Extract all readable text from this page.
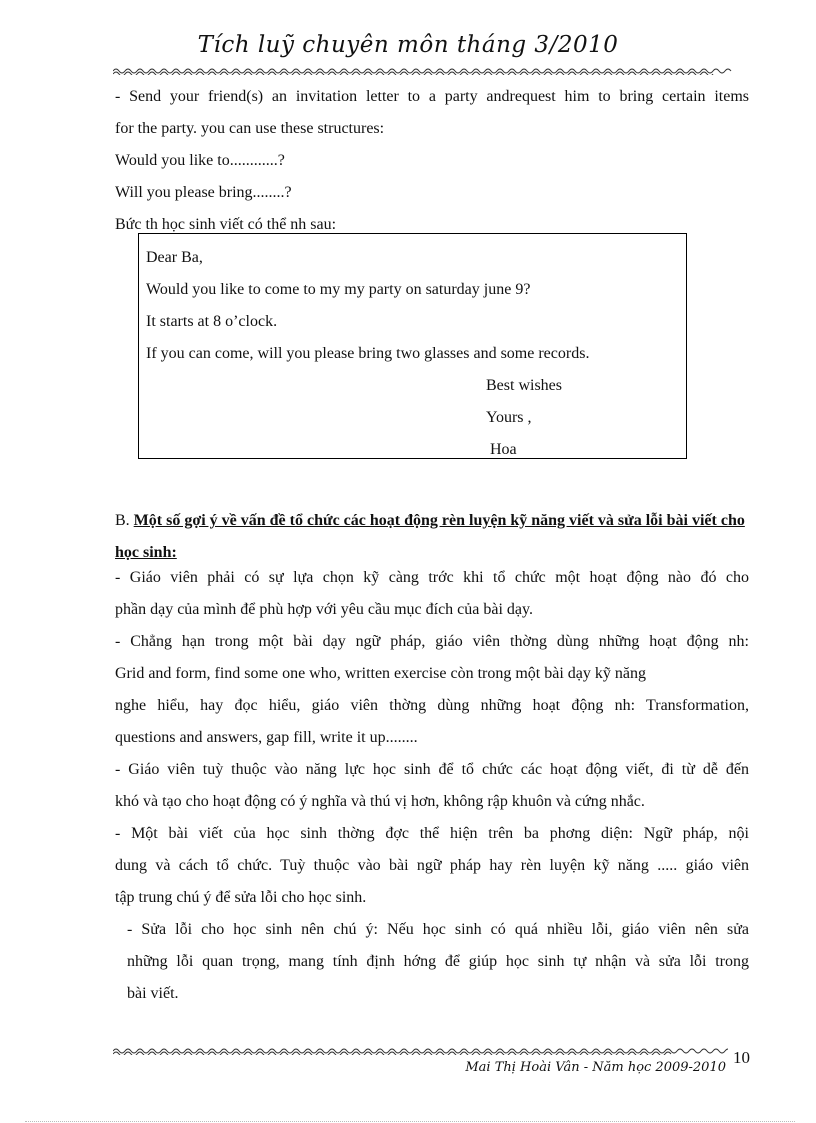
Tích luỹ chuyên môn tháng 3/2010
- Send your friend(s) an invitation letter to a party andrequest him to bring certain items
for the party. you can use these structures:
Would you like to............?
Will you please bring........?
Bức th học sinh viết có thể nh sau:
Dear Ba,
Would you like to come to my my party on saturday june 9?
It starts at 8 o’clock.
If you can come, will you please bring two glasses and some records.
Best wishes
Yours ,
Hoa
B. Một số gợi ý về vấn đề tổ chức các hoạt động rèn luyện kỹ năng viết và sửa lỗi bài viết cho học sinh:
- Giáo viên phải có sự lựa chọn kỹ càng trớc khi tổ chức một hoạt động nào đó cho
phần dạy của mình để phù hợp với yêu cầu mục đích của bài dạy.
- Chẳng hạn trong một bài dạy ngữ pháp, giáo viên thờng dùng những hoạt động nh:
Grid and form, find some one who, written exercise còn trong một bài dạy kỹ năng
nghe hiểu, hay đọc hiểu, giáo viên thờng dùng những hoạt động nh: Transformation,
questions and answers, gap fill, write it up........
- Giáo viên tuỳ thuộc vào năng lực học sinh để tổ chức các hoạt động viết, đi từ dễ đến
khó và tạo cho hoạt động có ý nghĩa và thú vị hơn, không rập khuôn và cứng nhắc.
- Một bài viết của học sinh thờng đợc thể hiện trên ba phơng diện: Ngữ pháp, nội
dung và cách tổ chức. Tuỳ thuộc vào bài ngữ pháp hay rèn luyện kỹ năng ..... giáo viên
tập trung chú ý để sửa lỗi cho học sinh.
- Sửa lỗi cho học sinh nên chú ý: Nếu học sinh có quá nhiều lỗi, giáo viên nên sửa
những lỗi quan trọng, mang tính định hớng để giúp học sinh tự nhận và sửa lỗi trong
bài viết.
10
Mai Thị Hoài Vân - Năm học 2009-2010
